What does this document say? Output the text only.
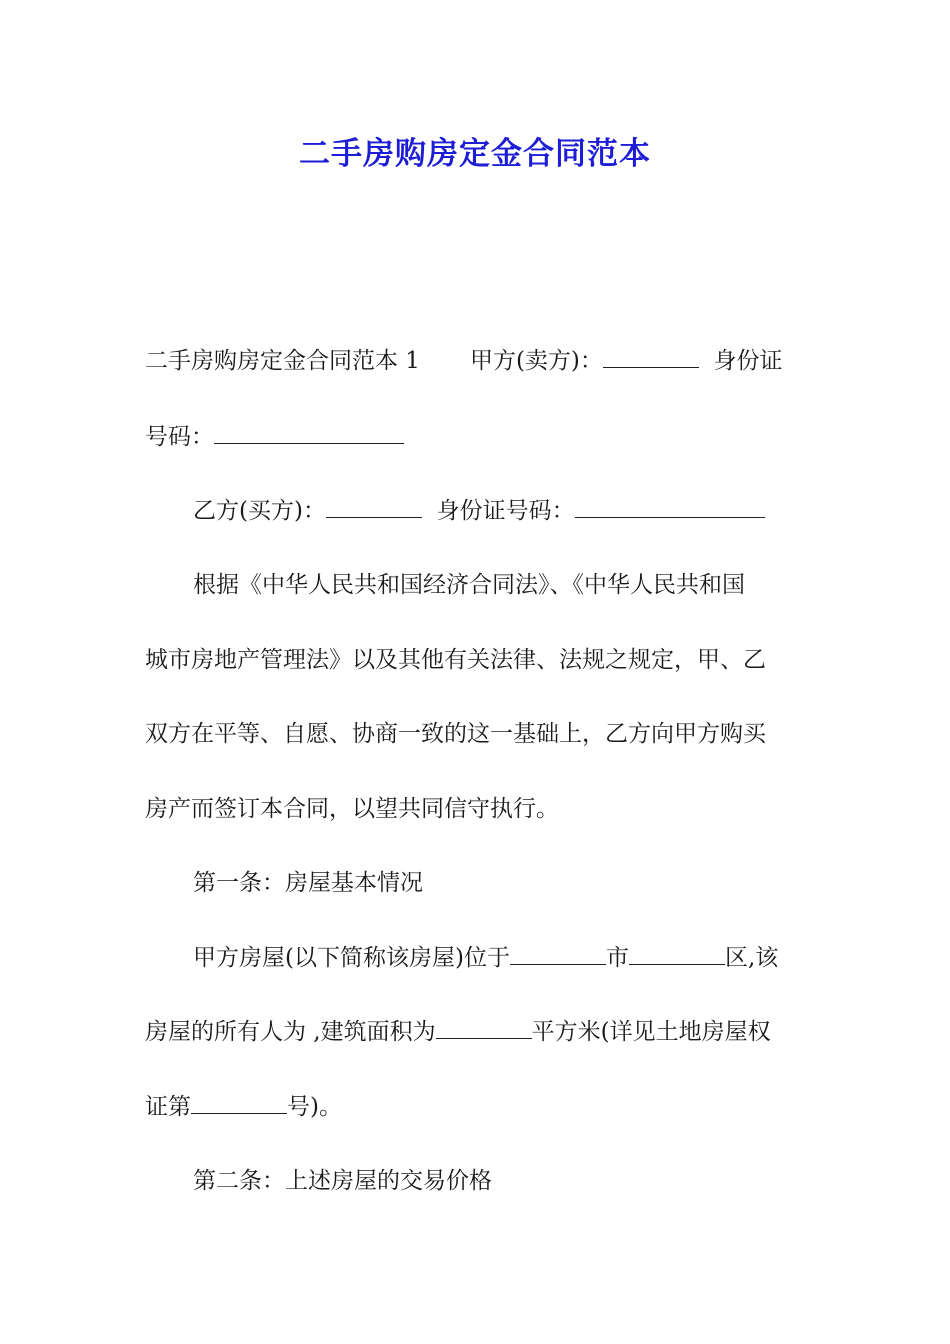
二手房购房定金合同范本
二手房购房定金合同范本 1 甲方(卖方)：	身份证
号码：
乙方(买方)：	身份证号码：
根据《中华人民共和国经济合同法》、《中华人民共和国
城市房地产管理法》以及其他有关法律、法规之规定，甲、乙
双方在平等、自愿、协商一致的这一基础上，乙方向甲方购买
房产而签订本合同，以望共同信守执行。
第一条：房屋基本情况
甲方房屋(以下简称该房屋)位于	市	区,该
房屋的所有人为 ,建筑面积为	平方米(详见土地房屋权
证第	号)。
第二条：上述房屋的交易价格
